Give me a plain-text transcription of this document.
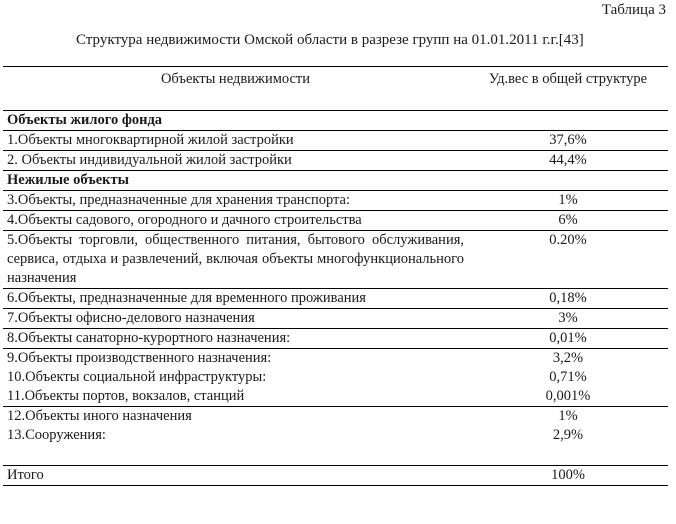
Таблица 3
Структура недвижимости Омской области в разрезе групп на 01.01.2011 г.г.[43]
Объекты недвижимости	Уд.вес в общей структуре
Объекты жилого фонда	
1.Объекты многоквартирной жилой застройки	37,6%
2. Объекты индивидуальной жилой застройки	44,4%
Нежилые объекты	
3.Объекты, предназначенные для хранения транспорта:	1%
4.Объекты садового, огородного и дачного строительства	6%
5.Объекты торговли, общественного питания, бытового обслуживания, сервиса, отдыха и развлечений, включая объекты многофункционального назначения	0.20%
6.Объекты, предназначенные для временного проживания	0,18%
7.Объекты офисно-делового назначения	3%
8.Объекты санаторно-курортного назначения:	0,01%
9.Объекты производственного назначения:	3,2%
10.Объекты социальной инфраструктуры:	0,71%
11.Объекты портов, вокзалов, станций	0,001%
12.Объекты иного назначения	1%
13.Сооружения:	2,9%

Итого	100%
